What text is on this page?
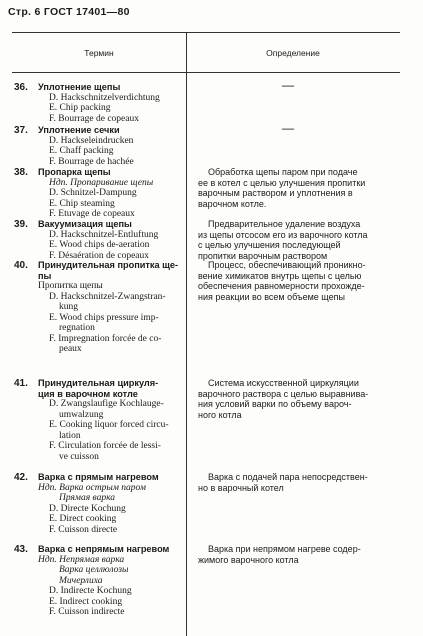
Стр. 6 ГОСТ 17401—80
Термин	Определение
36. Уплотнение щепы
D. Hackschnitzelverdichtung
E. Chip packing
F. Bourrage de copeaux
—
37. Уплотнение сечки
D. Hackseleindrucken
E. Chaff packing
F. Bourrage de hachée
—
38. Пропарка щепы
Ндп. Пропаривание щепы
D. Schnitzel-Dampung
E. Chip steaming
F. Etuvage de copeaux
Обработка щепы паром при подаче
ее в котел с целью улучшения пропитки
варочным раствором и уплотнения в
варочном котле.
39. Вакуумизация щепы
D. Hackschnitzel-Entluftung
E. Wood chips de-aeration
F. Désaération de copeaux
Предварительное удаление воздуха
из щепы отсосом его из варочного котла
с целью улучшения последующей
пропитки варочным раствором
40. Принудительная пропитка ще-
пы
Пропитка щепы
D. Hackschnitzel-Zwangstran-
kung
E. Wood chips pressure imp-
regnation
F. Impregnation forcée de co-
peaux
Процесс, обеспечивающий проникно-
вение химикатов внутрь щепы с целью
обеспечения равномерности прохожде-
ния реакции во всем объеме щепы
41. Принудительная циркуля-
ция в варочном котле
D. Zwangslaufige Kochlauge-
umwalzung
E. Cooking liquor forced circu-
lation
F. Circulation forcée de lessi-
ve cuisson
Система искусственной циркуляции
варочного раствора с целью выравнива-
ния условий варки по объему вароч-
ного котла
42. Варка с прямым нагревом
Ндп. Варка острым паром
Прямая варка
D. Directe Kochung
E. Direct cooking
F. Cuisson directe
Варка с подачей пара непосредствен-
но в варочный котел
43. Варка с непрямым нагревом
Ндп. Непрямая варка
Варка целлюлозы
Мичерлиха
D. Indirecte Kochung
E. Indirect cooking
F. Cuisson indirecte
Варка при непрямом нагреве содер-
жимого варочного котла
